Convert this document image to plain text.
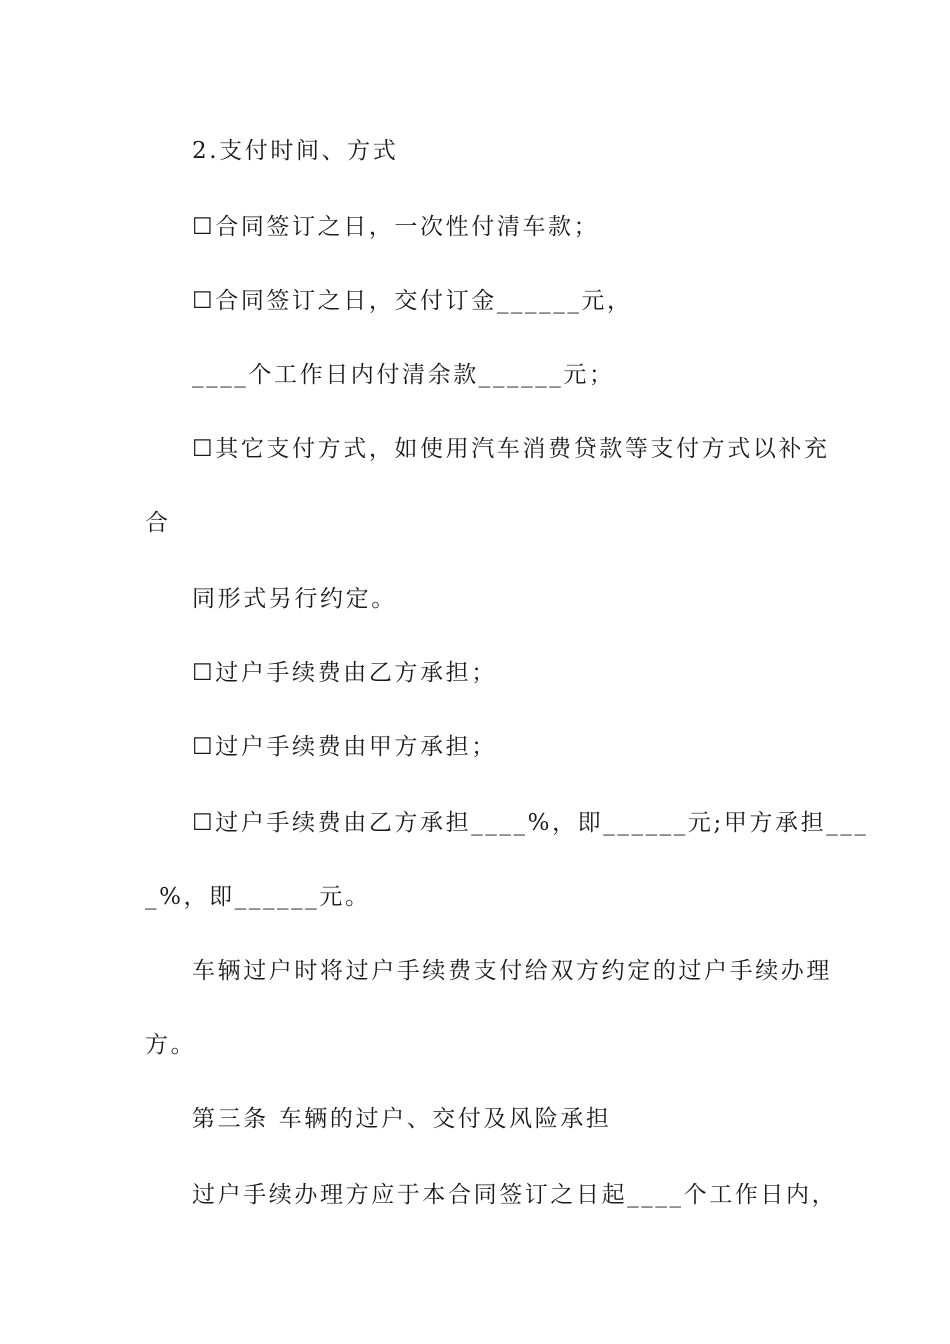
2.支付时间、方式
☐合同签订之日，一次性付清车款；
☐合同签订之日，交付订金______元，
____个工作日内付清余款______元；
☐其它支付方式，如使用汽车消费贷款等支付方式以补充
合
同形式另行约定。
☐过户手续费由乙方承担；
☐过户手续费由甲方承担；
☐过户手续费由乙方承担____%，即______元;甲方承担___
_%，即______元。
车辆过户时将过户手续费支付给双方约定的过户手续办理
方。
第三条 车辆的过户、交付及风险承担
过户手续办理方应于本合同签订之日起____个工作日内，
